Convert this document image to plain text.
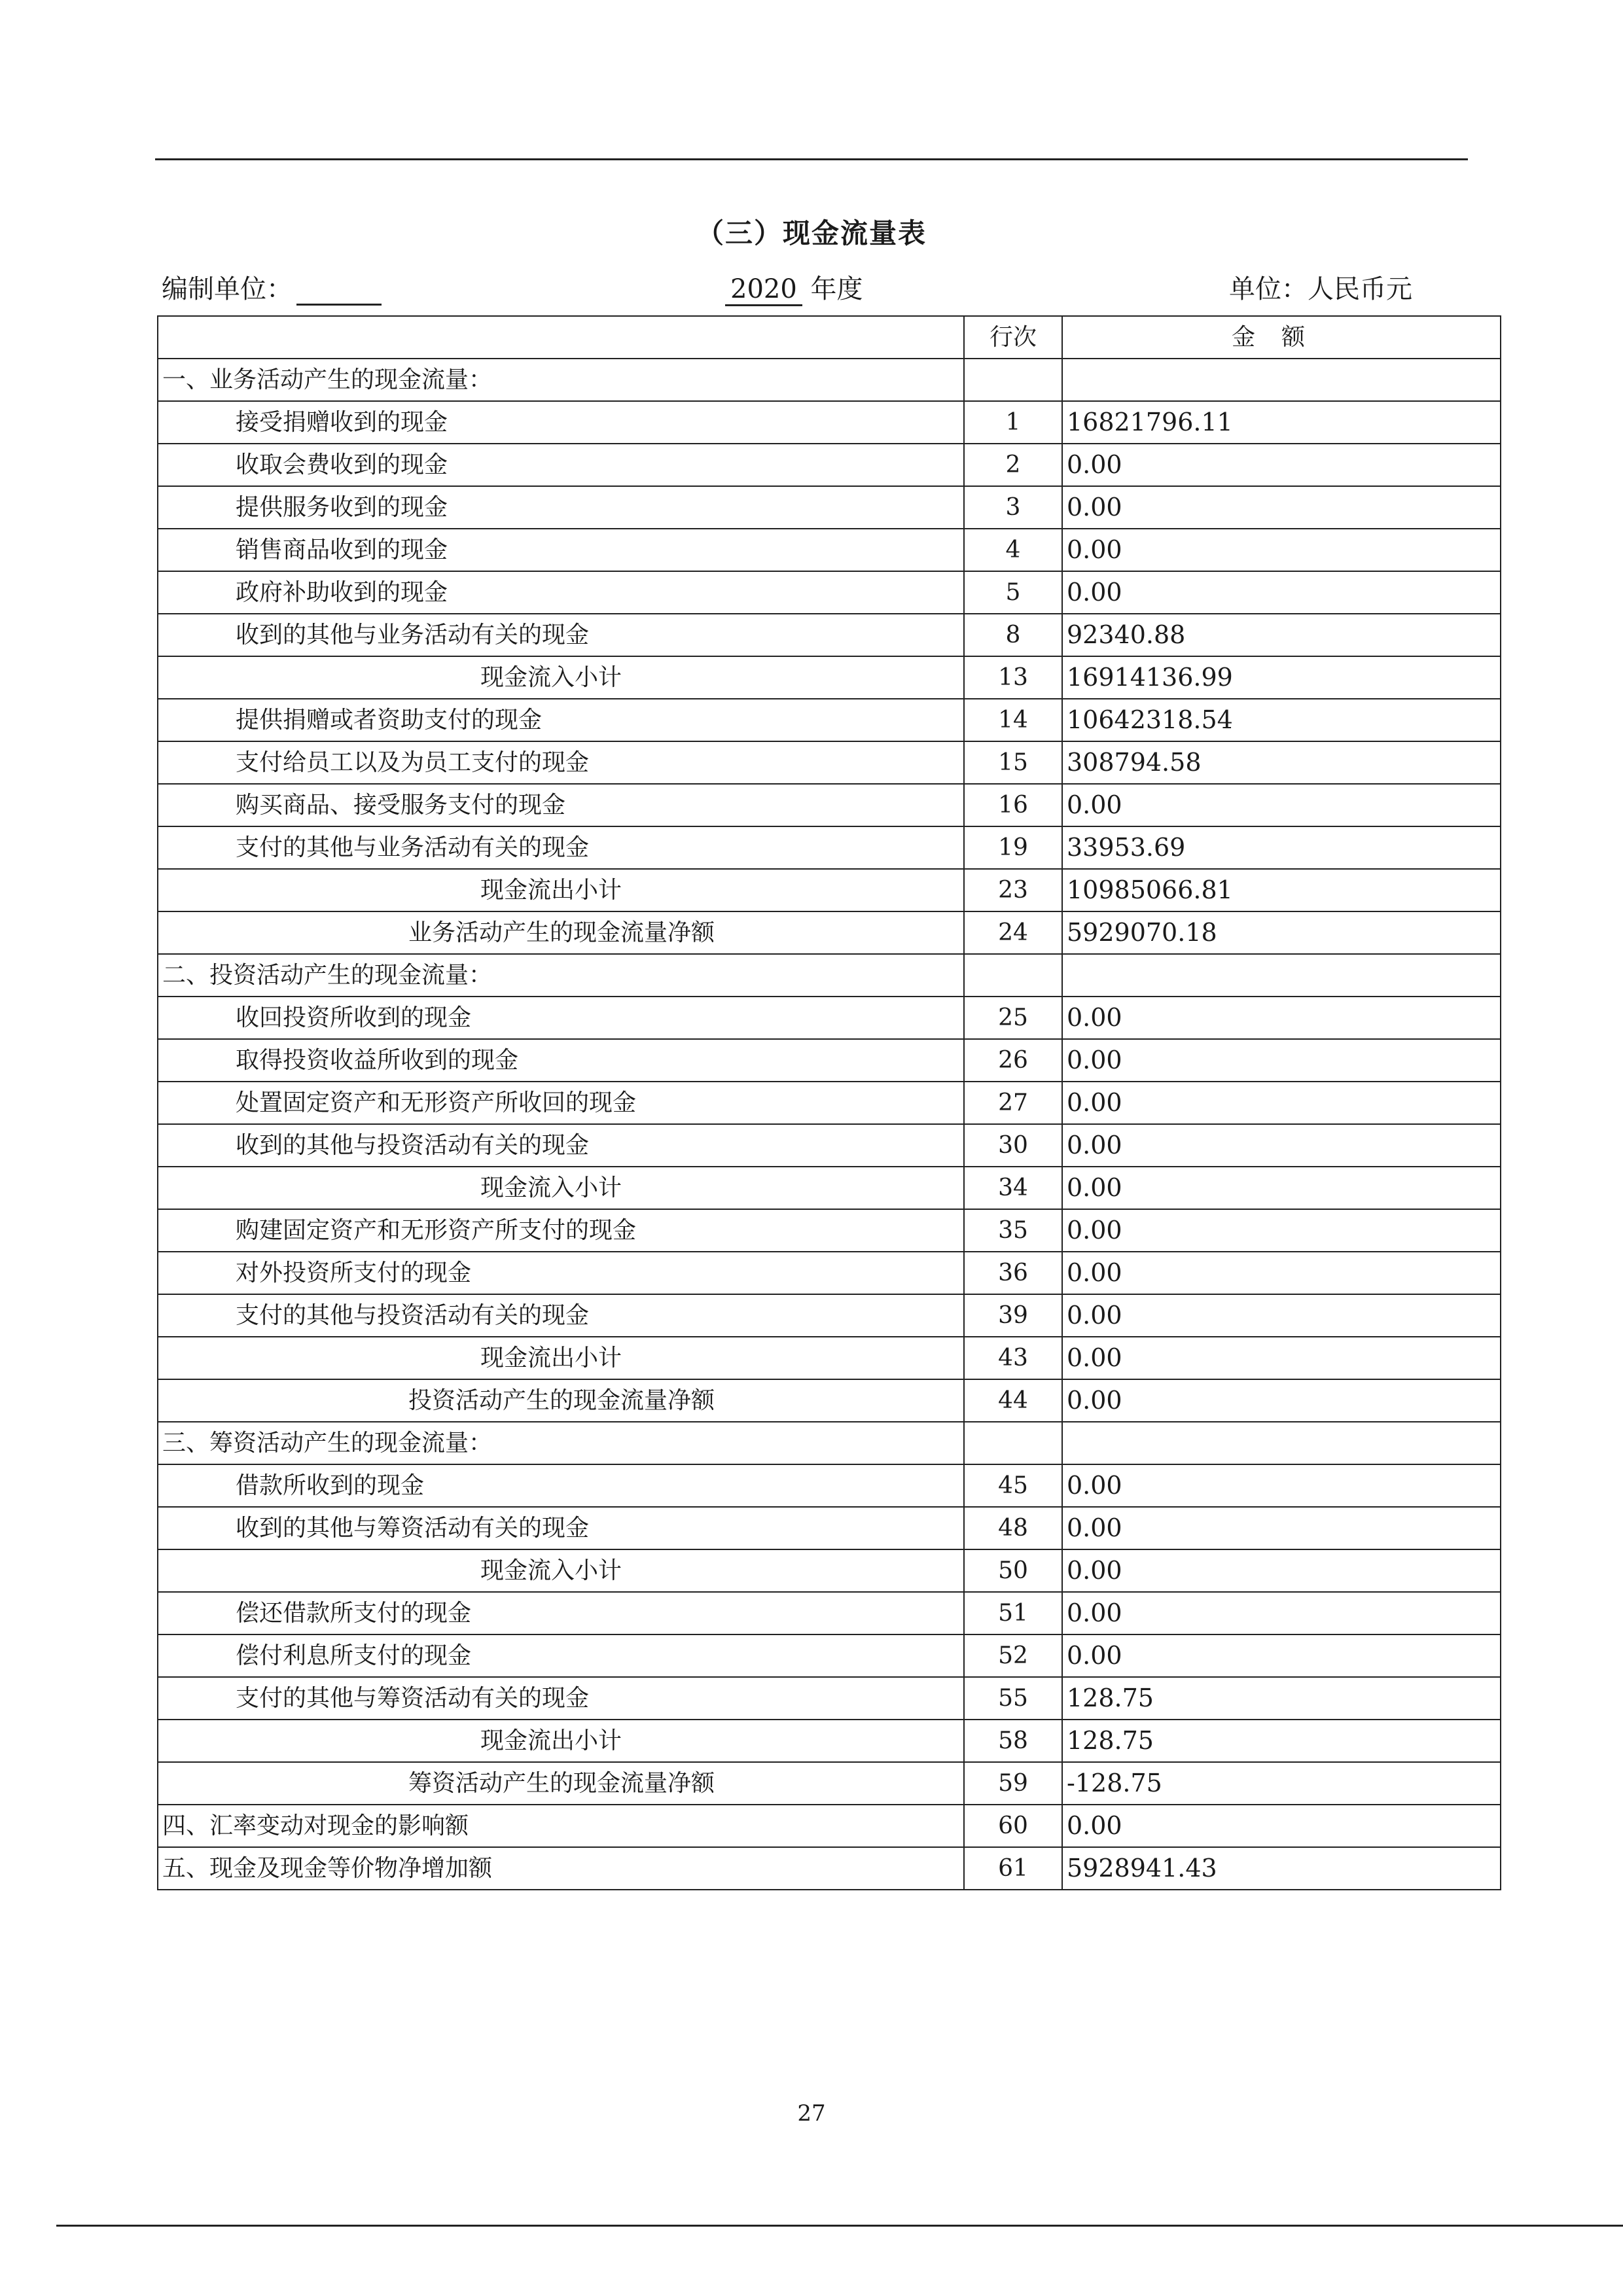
（三）现金流量表
编制单位：	2020 年度	单位：人民币元
	行次	金额
一、业务活动产生的现金流量：		
接受捐赠收到的现金	1	16821796.11
收取会费收到的现金	2	0.00
提供服务收到的现金	3	0.00
销售商品收到的现金	4	0.00
政府补助收到的现金	5	0.00
收到的其他与业务活动有关的现金	8	92340.88
现金流入小计	13	16914136.99
提供捐赠或者资助支付的现金	14	10642318.54
支付给员工以及为员工支付的现金	15	308794.58
购买商品、接受服务支付的现金	16	0.00
支付的其他与业务活动有关的现金	19	33953.69
现金流出小计	23	10985066.81
业务活动产生的现金流量净额	24	5929070.18
二、投资活动产生的现金流量：		
收回投资所收到的现金	25	0.00
取得投资收益所收到的现金	26	0.00
处置固定资产和无形资产所收回的现金	27	0.00
收到的其他与投资活动有关的现金	30	0.00
现金流入小计	34	0.00
购建固定资产和无形资产所支付的现金	35	0.00
对外投资所支付的现金	36	0.00
支付的其他与投资活动有关的现金	39	0.00
现金流出小计	43	0.00
投资活动产生的现金流量净额	44	0.00
三、筹资活动产生的现金流量：		
借款所收到的现金	45	0.00
收到的其他与筹资活动有关的现金	48	0.00
现金流入小计	50	0.00
偿还借款所支付的现金	51	0.00
偿付利息所支付的现金	52	0.00
支付的其他与筹资活动有关的现金	55	128.75
现金流出小计	58	128.75
筹资活动产生的现金流量净额	59	-128.75
四、汇率变动对现金的影响额	60	0.00
五、现金及现金等价物净增加额	61	5928941.43
27
